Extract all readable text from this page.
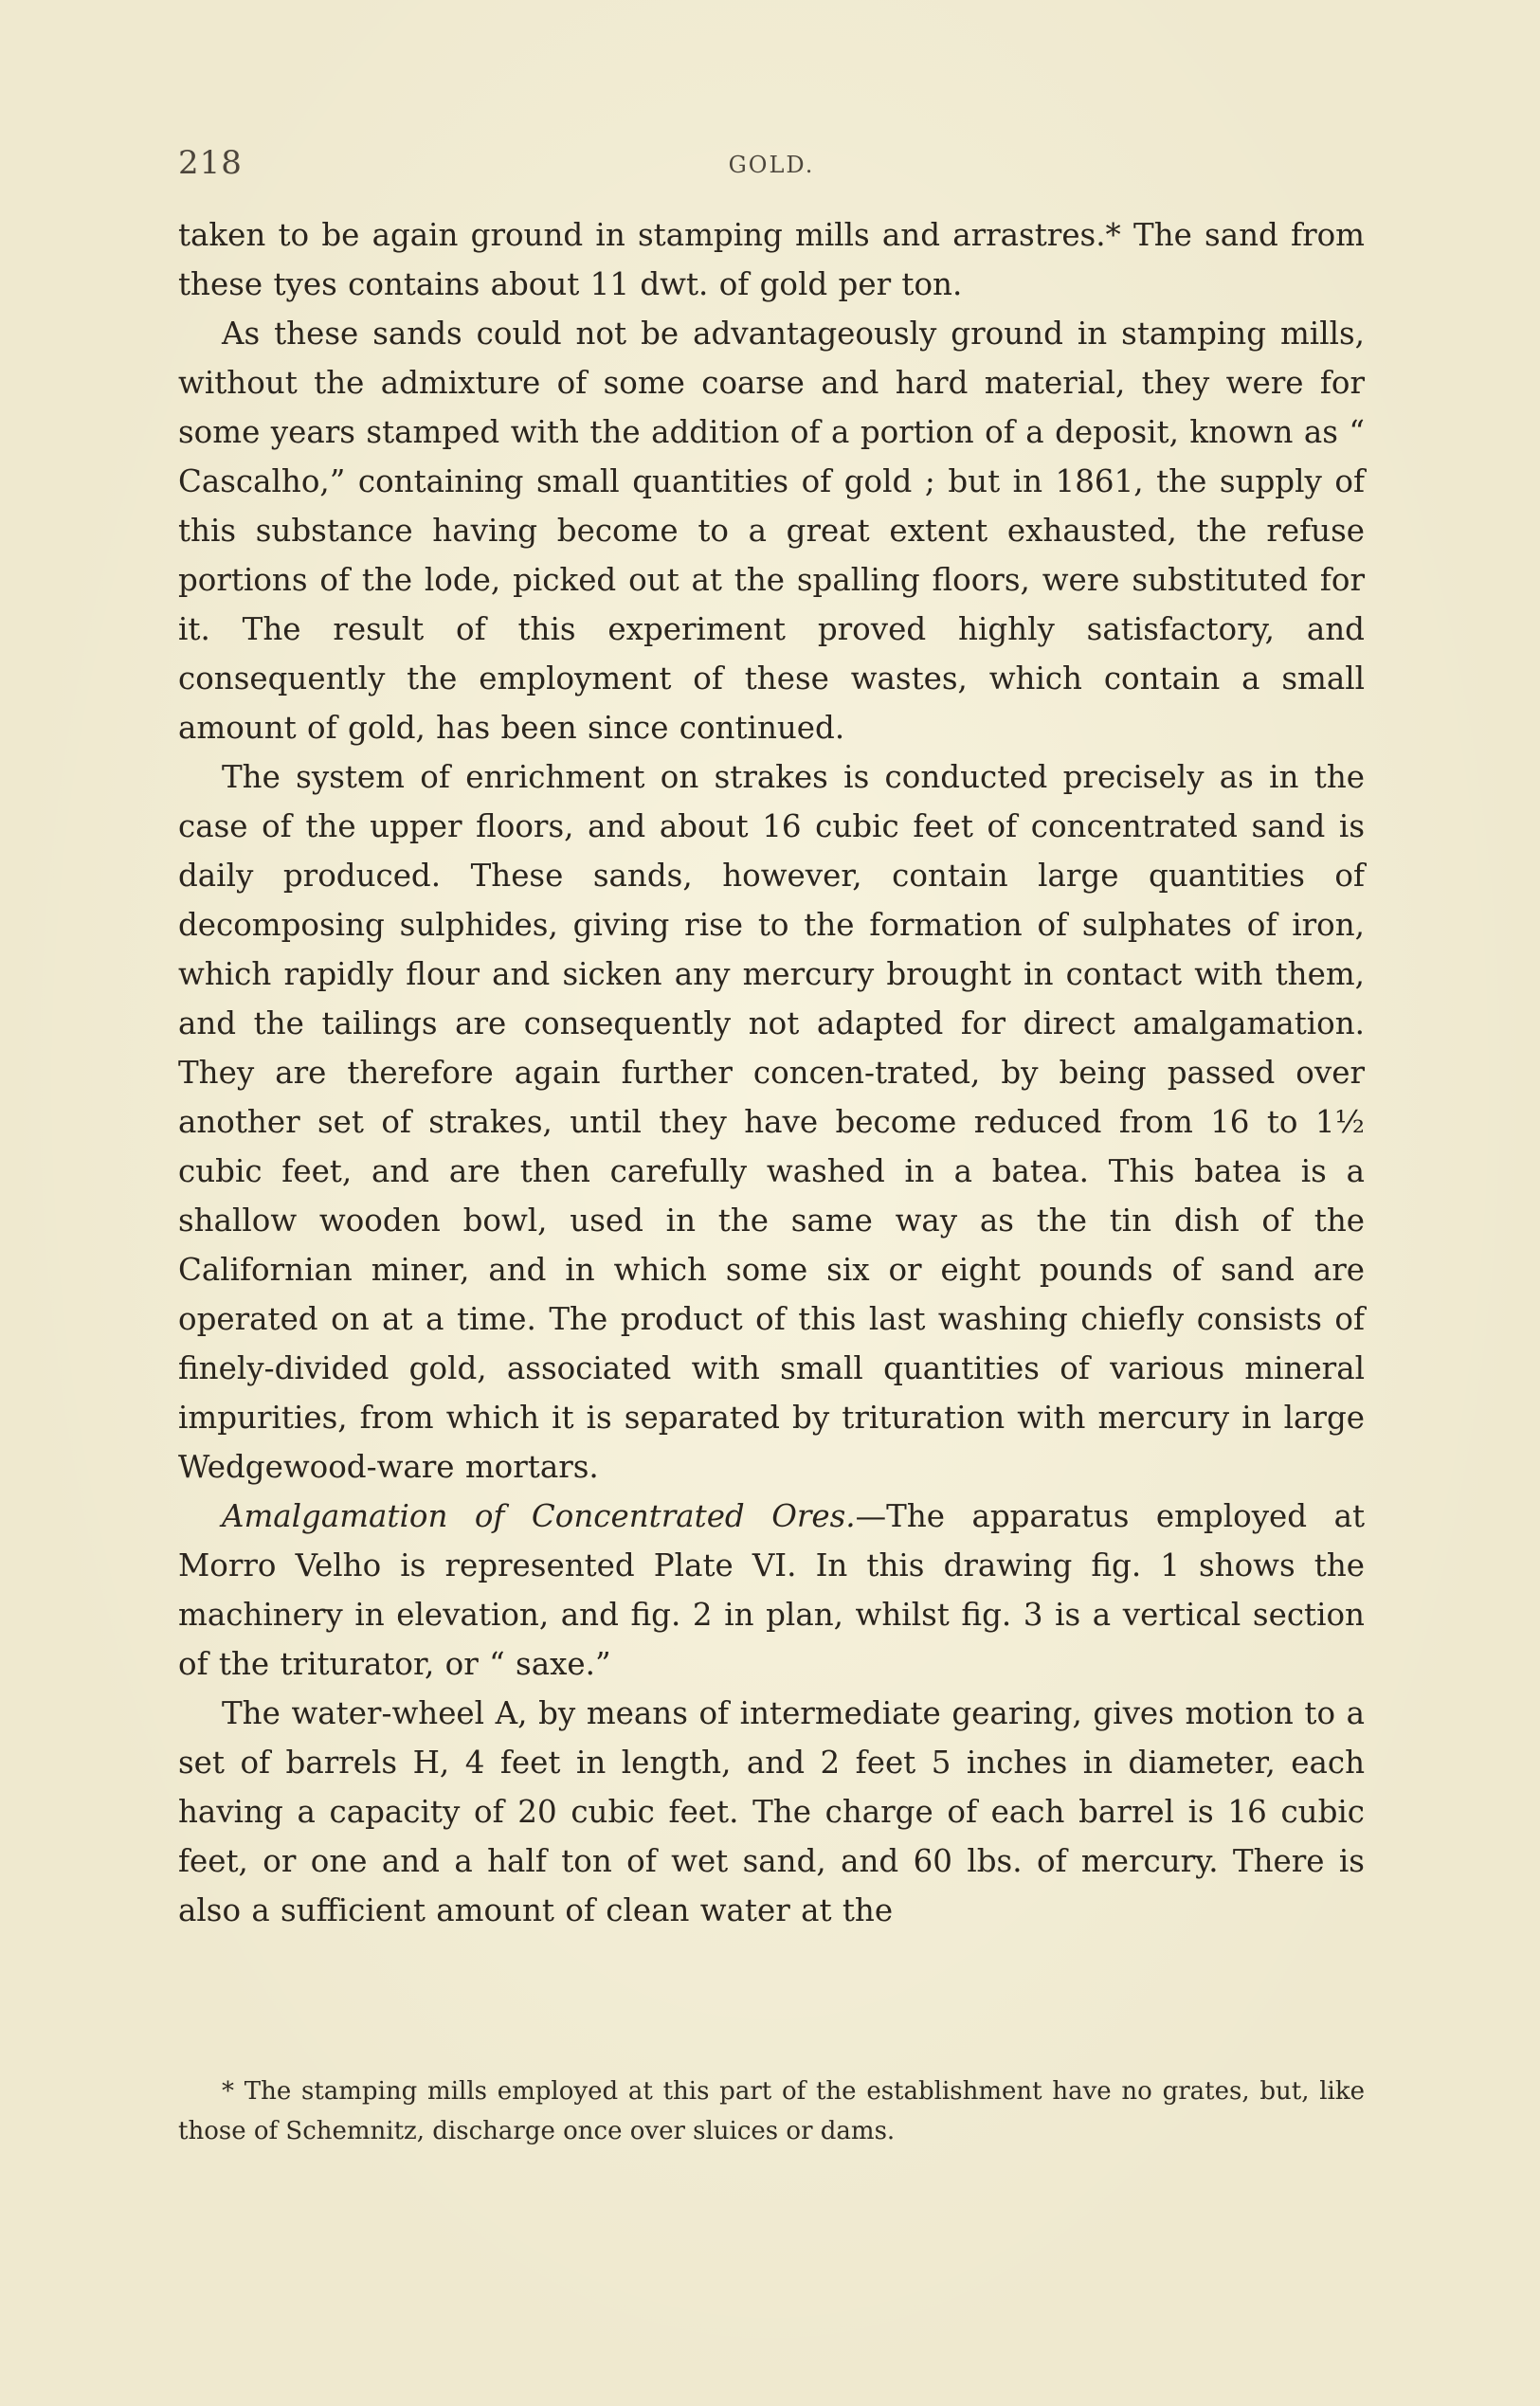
218	GOLD.

taken to be again ground in stamping mills and arrastres.* The sand from these tyes contains about 11 dwt. of gold per ton.

As these sands could not be advantageously ground in stamping mills, without the admixture of some coarse and hard material, they were for some years stamped with the addition of a portion of a deposit, known as “ Cascalho,” containing small quantities of gold ; but in 1861, the supply of this substance having become to a great extent exhausted, the refuse portions of the lode, picked out at the spalling floors, were substituted for it. The result of this experiment proved highly satisfactory, and consequently the employment of these wastes, which contain a small amount of gold, has been since continued.

The system of enrichment on strakes is conducted precisely as in the case of the upper floors, and about 16 cubic feet of concentrated sand is daily produced. These sands, however, contain large quantities of decomposing sulphides, giving rise to the formation of sulphates of iron, which rapidly flour and sicken any mercury brought in contact with them, and the tailings are consequently not adapted for direct amalgamation. They are therefore again further concen-trated, by being passed over another set of strakes, until they have become reduced from 16 to 1½ cubic feet, and are then carefully washed in a batea. This batea is a shallow wooden bowl, used in the same way as the tin dish of the Californian miner, and in which some six or eight pounds of sand are operated on at a time. The product of this last washing chiefly consists of finely-divided gold, associated with small quantities of various mineral impurities, from which it is separated by trituration with mercury in large Wedgewood-ware mortars.

Amalgamation of Concentrated Ores.—The apparatus employed at Morro Velho is represented Plate VI. In this drawing fig. 1 shows the machinery in elevation, and fig. 2 in plan, whilst fig. 3 is a vertical section of the triturator, or “ saxe.”

The water-wheel A, by means of intermediate gearing, gives motion to a set of barrels H, 4 feet in length, and 2 feet 5 inches in diameter, each having a capacity of 20 cubic feet. The charge of each barrel is 16 cubic feet, or one and a half ton of wet sand, and 60 lbs. of mercury. There is also a sufficient amount of clean water at the

* The stamping mills employed at this part of the establishment have no grates, but, like those of Schemnitz, discharge once over sluices or dams.
